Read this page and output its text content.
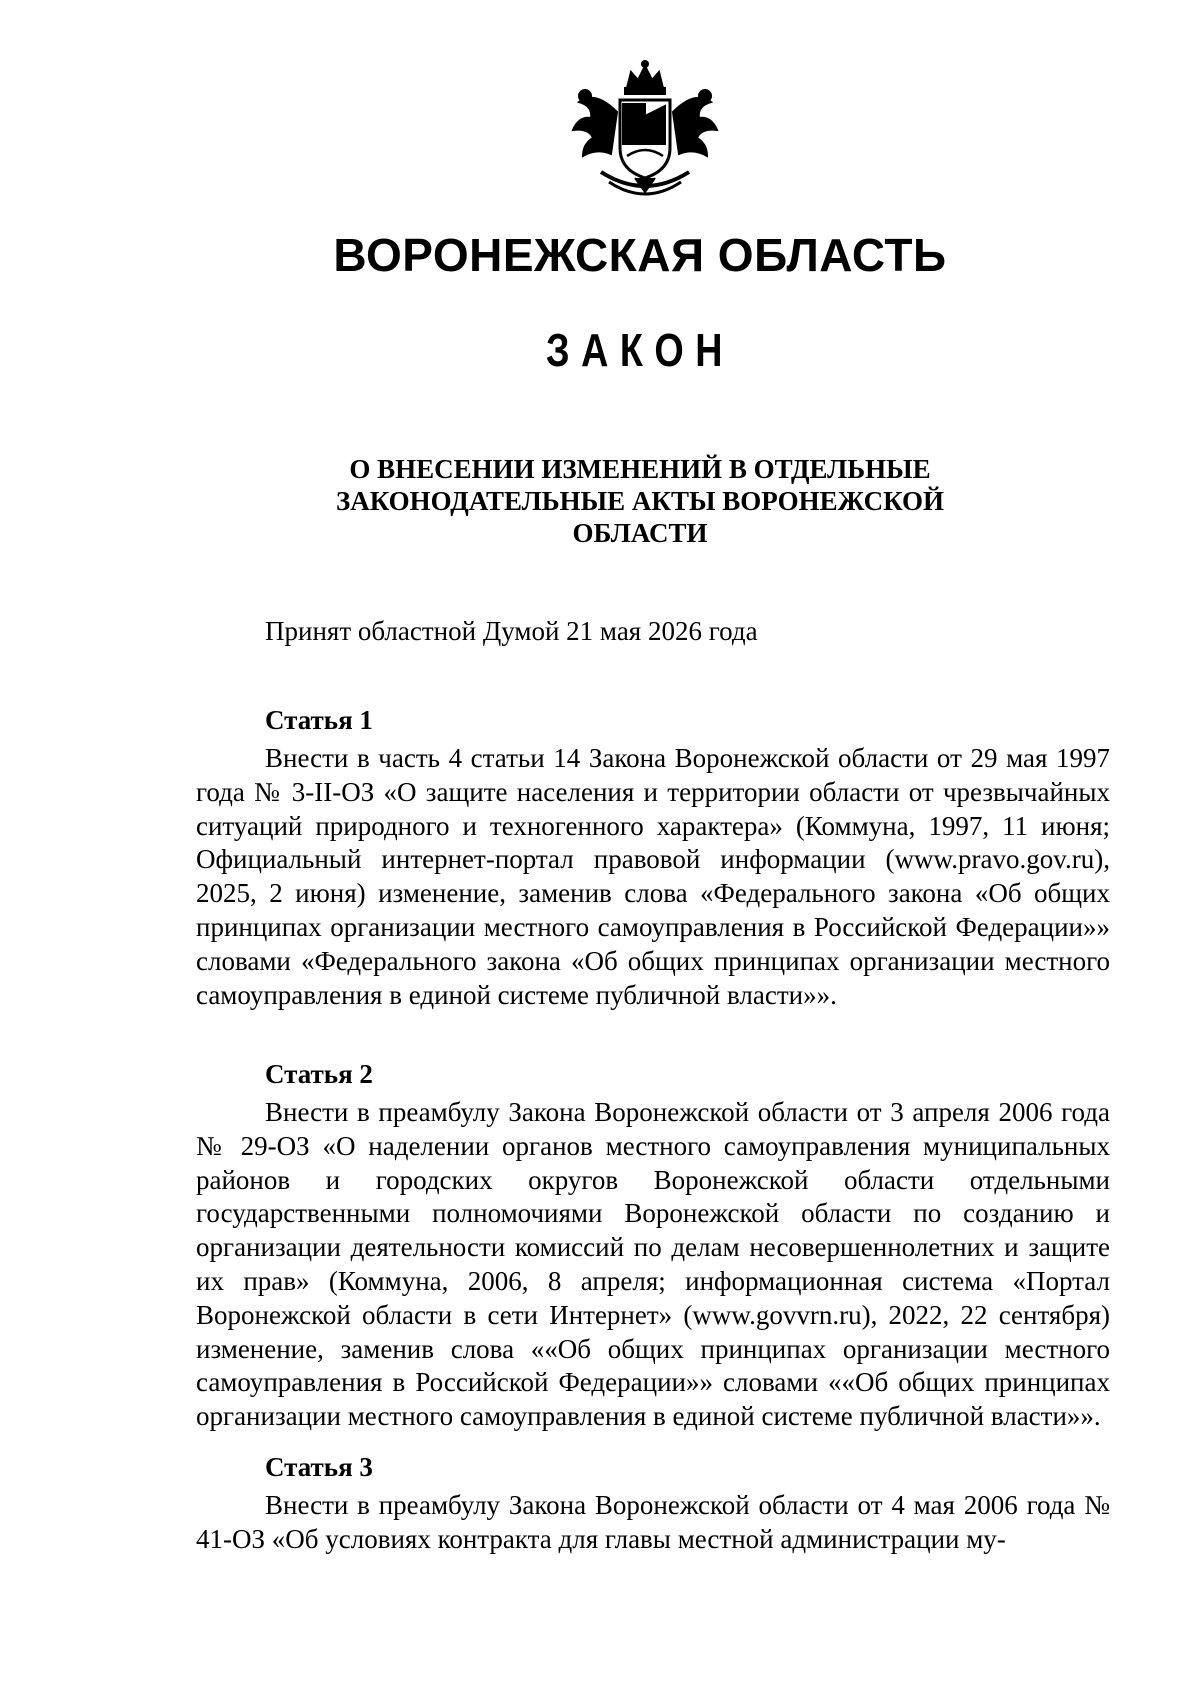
ВОРОНЕЖСКАЯ ОБЛАСТЬ
ЗАКОН
О ВНЕСЕНИИ ИЗМЕНЕНИЙ В ОТДЕЛЬНЫЕ ЗАКОНОДАТЕЛЬНЫЕ АКТЫ ВОРОНЕЖСКОЙ ОБЛАСТИ
Принят областной Думой 21 мая 2026 года
Статья 1
Внести в часть 4 статьи 14 Закона Воронежской области от 29 мая 1997 года № 3-II-ОЗ «О защите населения и территории области от чрезвычайных ситуаций природного и техногенного характера» (Коммуна, 1997, 11 июня; Официальный интернет-портал правовой информации (www.pravo.gov.ru), 2025, 2 июня) изменение, заменив слова «Федерального закона «Об общих принципах организации местного самоуправления в Российской Федерации»» словами «Федерального закона «Об общих принципах организации местного самоуправления в единой системе публичной власти»».
Статья 2
Внести в преамбулу Закона Воронежской области от 3 апреля 2006 года № 29-ОЗ «О наделении органов местного самоуправления муниципальных районов и городских округов Воронежской области отдельными государственными полномочиями Воронежской области по созданию и организации деятельности комиссий по делам несовершеннолетних и защите их прав» (Коммуна, 2006, 8 апреля; информационная система «Портал Воронежской области в сети Интернет» (www.govvrn.ru), 2022, 22 сентября) изменение, заменив слова ««Об общих принципах организации местного самоуправления в Российской Федерации»» словами ««Об общих принципах организации местного самоуправления в единой системе публичной власти»».
Статья 3
Внести в преамбулу Закона Воронежской области от 4 мая 2006 года № 41-ОЗ «Об условиях контракта для главы местной администрации му-
